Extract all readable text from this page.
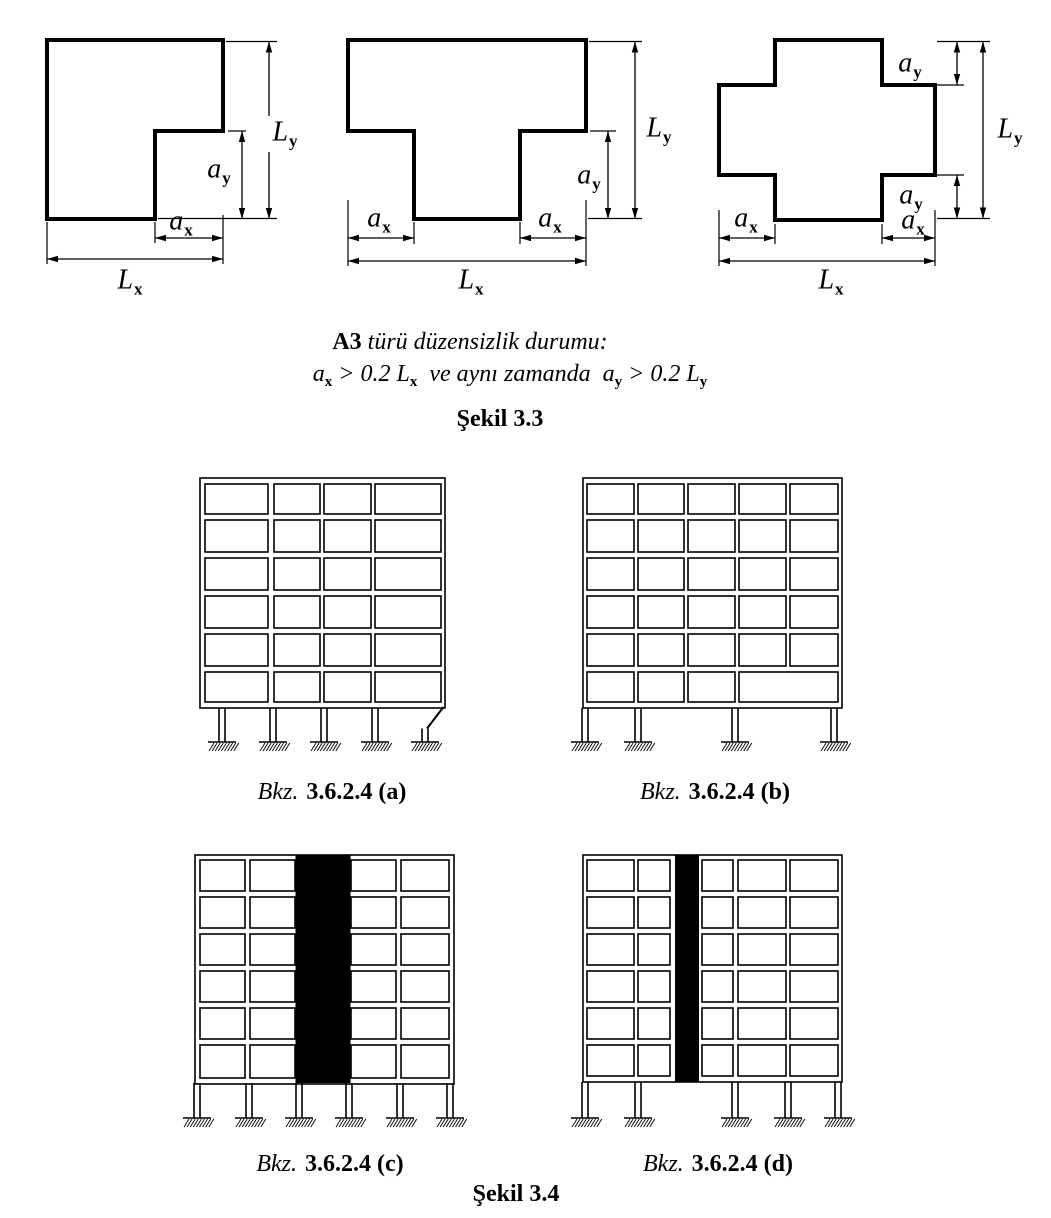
A3 türü düzensizlik durumu:
$a_x > 0.2$ $L_x$  ve aynı zamanda  $a_y > 0.2$ $L_y$
Şekil 3.3
Bkz. 3.6.2.4 (a)	Bkz. 3.6.2.4 (b)
Bkz. 3.6.2.4 (c)	Bkz. 3.6.2.4 (d)
Şekil 3.4
ax
ay
Lx
Ly
ax	ax
ay
Lx
Ly
ay
ay
ax	ax
Lx
Ly
